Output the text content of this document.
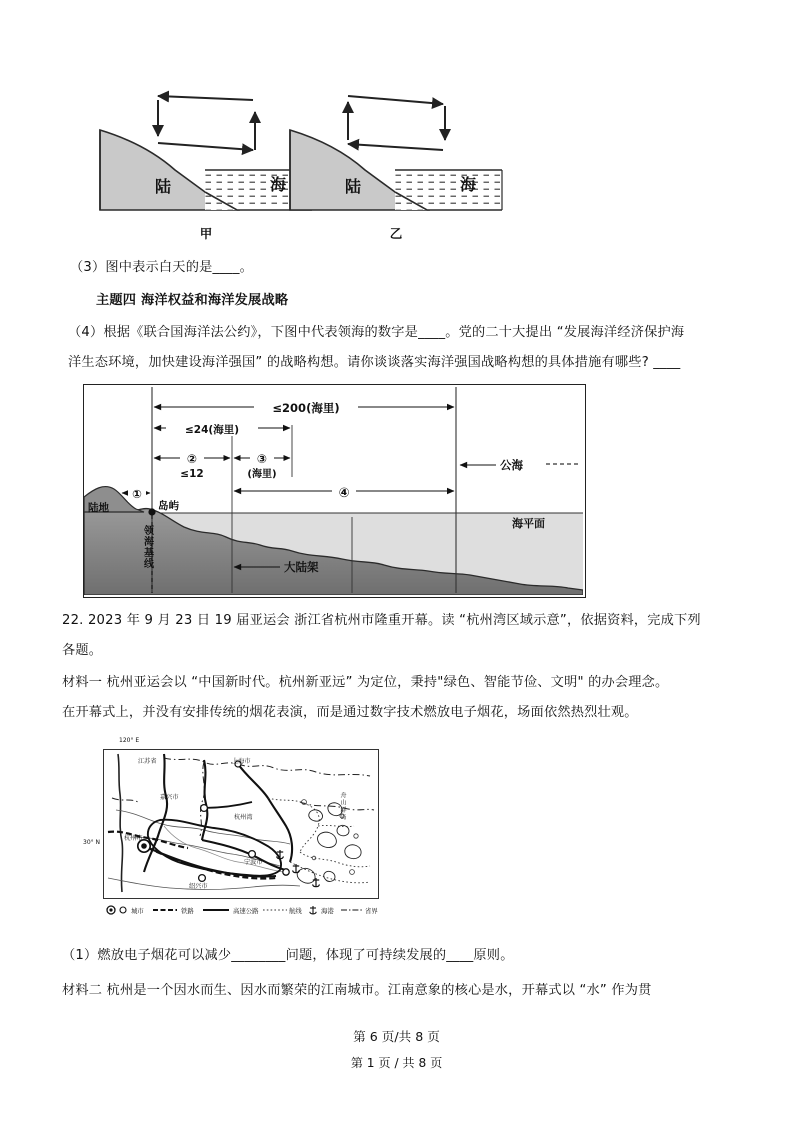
陆	海
甲
陆	海
乙
（3）图中表示白天的是____。
主题四 海洋权益和海洋发展战略
（4）根据《联合国海洋法公约》，下图中代表领海的数字是____。党的二十大提出 “发展海洋经济保护海
洋生态环境，加快建设海洋强国” 的战略构想。请你谈谈落实海洋强国战略构想的具体措施有哪些? ____
≤200(海里)
≤24(海里)
②
≤12
③
(海里)
④
①
陆地	岛屿
领海基线	大陆架
公海
海平面
22. 2023 年 9 月 23 日 19 届亚运会 浙江省杭州市隆重开幕。读 “杭州湾区域示意”，依据资料，完成下列
各题。
材料一 杭州亚运会以 “中国新时代。杭州新亚远” 为定位，秉持"绿色、智能节俭、文明" 的办会理念。
在开幕式上，并没有安排传统的烟花表演，而是通过数字技术燃放电子烟花，场面依然热烈壮观。
120° E
30° N
江苏省	上海市
嘉兴市
杭州市
杭州湾
绍兴市
宁波市
舟山群岛
城市	铁路	高速公路	航线	海港	省界
（1）燃放电子烟花可以减少________问题，体现了可持续发展的____原则。
材料二 杭州是一个因水而生、因水而繁荣的江南城市。江南意象的核心是水，开幕式以 “水” 作为贯
第 6 页/共 8 页
第 1 页 / 共 8 页
